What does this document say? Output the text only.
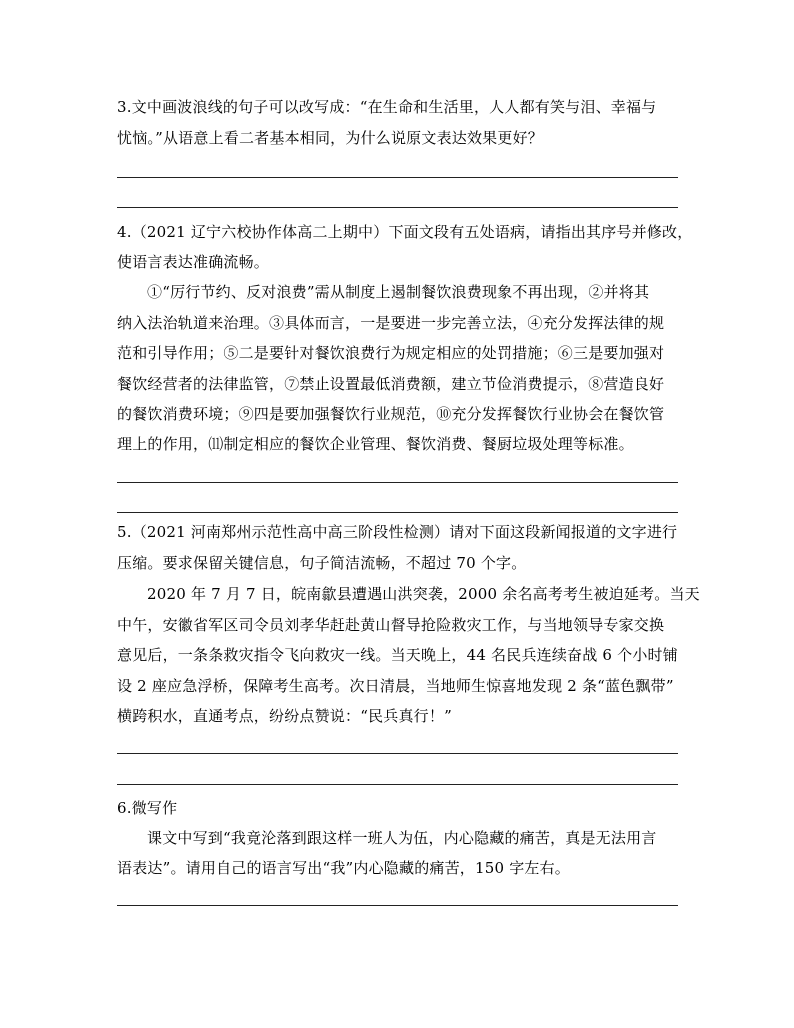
3.文中画波浪线的句子可以改写成：“在生命和生活里，人人都有笑与泪、幸福与
忧恼。”从语意上看二者基本相同，为什么说原文表达效果更好？
4.（2021 辽宁六校协作体高二上期中）下面文段有五处语病，请指出其序号并修改，
使语言表达准确流畅。
①“厉行节约、反对浪费”需从制度上遏制餐饮浪费现象不再出现，②并将其
纳入法治轨道来治理。③具体而言，一是要进一步完善立法，④充分发挥法律的规
范和引导作用；⑤二是要针对餐饮浪费行为规定相应的处罚措施；⑥三是要加强对
餐饮经营者的法律监管，⑦禁止设置最低消费额，建立节俭消费提示，⑧营造良好
的餐饮消费环境；⑨四是要加强餐饮行业规范，⑩充分发挥餐饮行业协会在餐饮管
理上的作用，⑾制定相应的餐饮企业管理、餐饮消费、餐厨垃圾处理等标准。
5.（2021 河南郑州示范性高中高三阶段性检测）请对下面这段新闻报道的文字进行
压缩。要求保留关键信息，句子简洁流畅，不超过 70 个字。
2020 年 7 月 7 日，皖南歙县遭遇山洪突袭，2000 余名高考考生被迫延考。当天
中午，安徽省军区司令员刘孝华赶赴黄山督导抢险救灾工作，与当地领导专家交换
意见后，一条条救灾指令飞向救灾一线。当天晚上，44 名民兵连续奋战 6 个小时铺
设 2 座应急浮桥，保障考生高考。次日清晨，当地师生惊喜地发现 2 条“蓝色飘带”
横跨积水，直通考点，纷纷点赞说：“民兵真行！”
6.微写作
课文中写到“我竟沦落到跟这样一班人为伍，内心隐藏的痛苦，真是无法用言
语表达”。请用自己的语言写出“我”内心隐藏的痛苦，150 字左右。
